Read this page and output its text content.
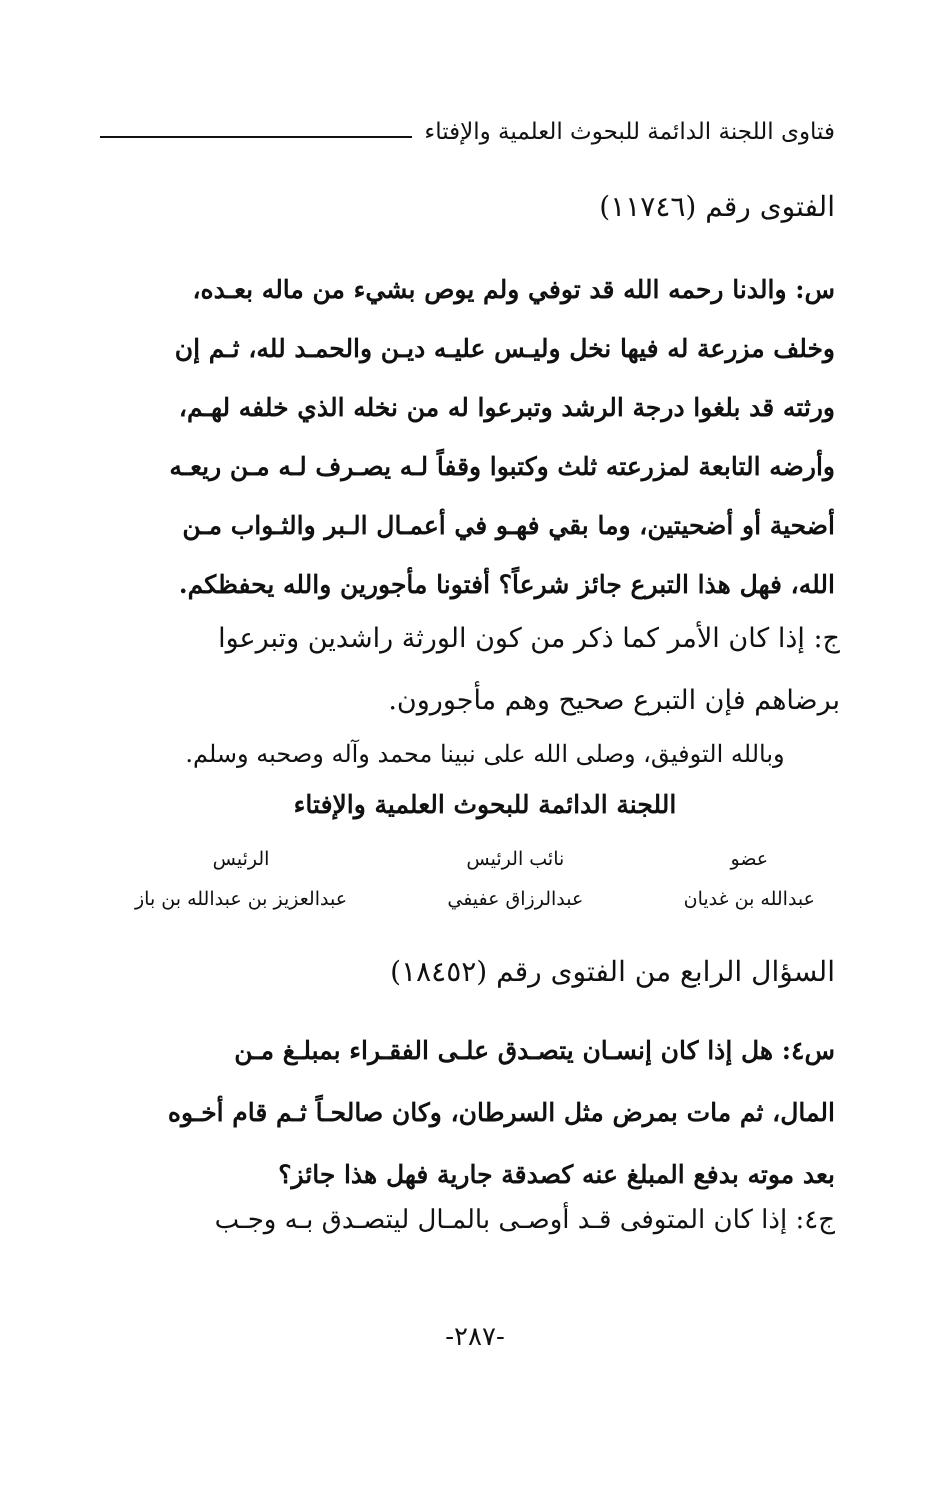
فتاوى اللجنة الدائمة للبحوث العلمية والإفتاء
الفتوى رقم (١١٧٤٦)
س: والدنا رحمه الله قد توفي ولم يوص بشيء من ماله بعـده،
وخلف مزرعة له فيها نخل وليـس عليـه ديـن والحمـد لله، ثـم إن
ورثته قد بلغوا درجة الرشد وتبرعوا له من نخله الذي خلفه لهـم،
وأرضه التابعة لمزرعته ثلث وكتبوا وقفاً لـه يصـرف لـه مـن ريعـه
أضحية أو أضحيتين، وما بقي فهـو في أعمـال الـبر والثـواب مـن
الله، فهل هذا التبرع جائز شرعاً؟ أفتونا مأجورين والله يحفظكم.
ج: إذا كان الأمر كما ذكر من كون الورثة راشدين وتبرعوا
برضاهم فإن التبرع صحيح وهم مأجورون.
وبالله التوفيق، وصلى الله على نبينا محمد وآله وصحبه وسلم.
اللجنة الدائمة للبحوث العلمية والإفتاء
عضو
عبدالله بن غديان
نائب الرئيس
عبدالرزاق عفيفي
الرئيس
عبدالعزيز بن عبدالله بن باز
السؤال الرابع من الفتوى رقم (١٨٤٥٢)
س٤: هل إذا كان إنسـان يتصـدق علـى الفقـراء بمبلـغ مـن
المال، ثم مات بمرض مثل السرطان، وكان صالحـاً ثـم قام أخـوه
بعد موته بدفع المبلغ عنه كصدقة جارية فهل هذا جائز؟
ج٤: إذا كان المتوفى قـد أوصـى بالمـال ليتصـدق بـه وجـب
-٢٨٧-
